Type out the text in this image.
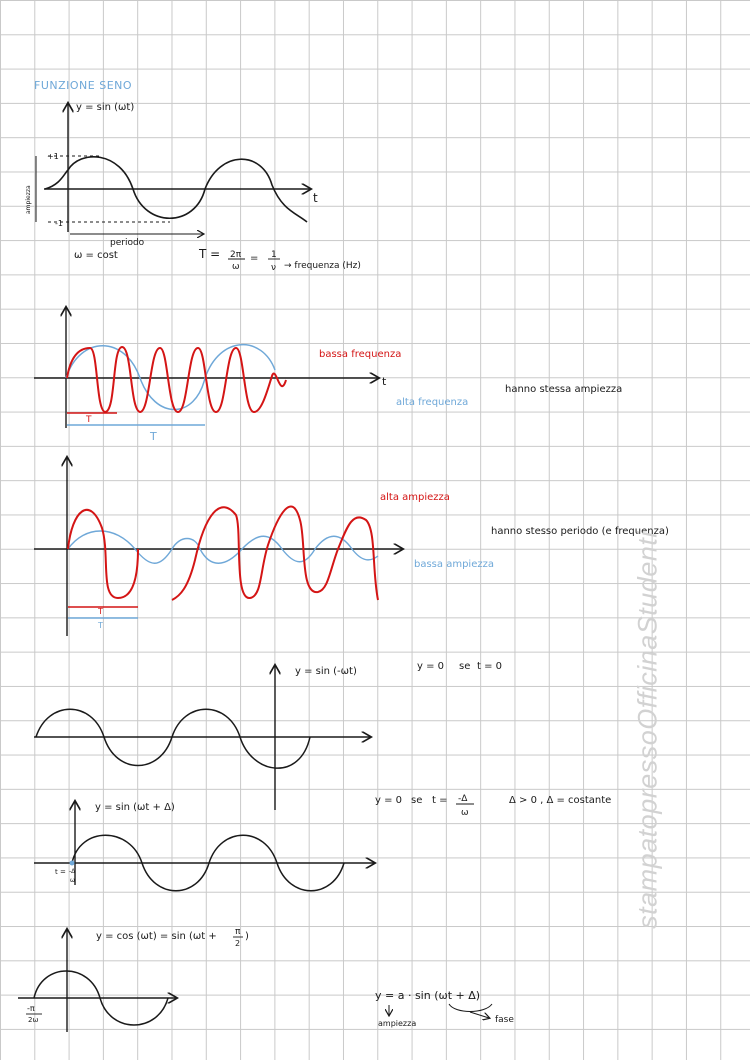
FUNZIONE SENO
y = sin (ωt)
t
+1
-1
ampiezza
periodo
ω = cost	T = 2π
ω
= 1
ν → frequenza (Hz)
T
T
t
bassa frequenza
alta frequenza
hanno stessa ampiezza
T
T
alta ampiezza
bassa ampiezza
hanno stesso periodo (e frequenza)
y = sin (-ωt)	y = 0 se t = 0
y = sin (ωt + Δ)
t = -Δ
ω
y = 0 se t = -Δ
ω
Δ > 0 , Δ = costante
y = cos (ωt) = sin (ωt + π
2
)
-π
2ω
y = a · sin (ωt + Δ)
ampiezza	fase
stampatopressoOfficinaStudenti
